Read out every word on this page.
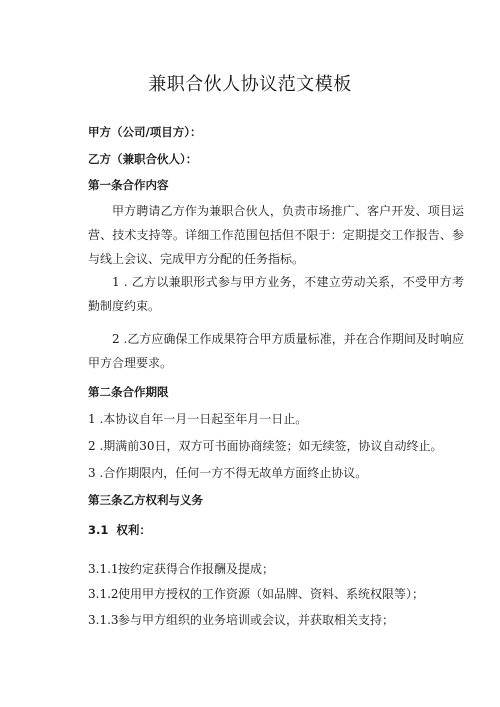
兼职合伙人协议范文模板
甲方（公司/项目方）：
乙方（兼职合伙人）：
第一条合作内容
甲方聘请乙方作为兼职合伙人，负责市场推广、客户开发、项目运营、技术支持等。详细工作范围包括但不限于：定期提交工作报告、参与线上会议、完成甲方分配的任务指标。
1 . 乙方以兼职形式参与甲方业务，不建立劳动关系，不受甲方考勤制度约束。
2 .乙方应确保工作成果符合甲方质量标准，并在合作期间及时响应甲方合理要求。
第二条合作期限
1 .本协议自年一月一日起至年月一日止。
2 .期满前30日，双方可书面协商续签；如无续签，协议自动终止。
3 .合作期限内，任何一方不得无故单方面终止协议。
第三条乙方权利与义务
3.1 权利：
3.1.1按约定获得合作报酬及提成；
3.1.2使用甲方授权的工作资源（如品牌、资料、系统权限等）；
3.1.3参与甲方组织的业务培训或会议，并获取相关支持；
